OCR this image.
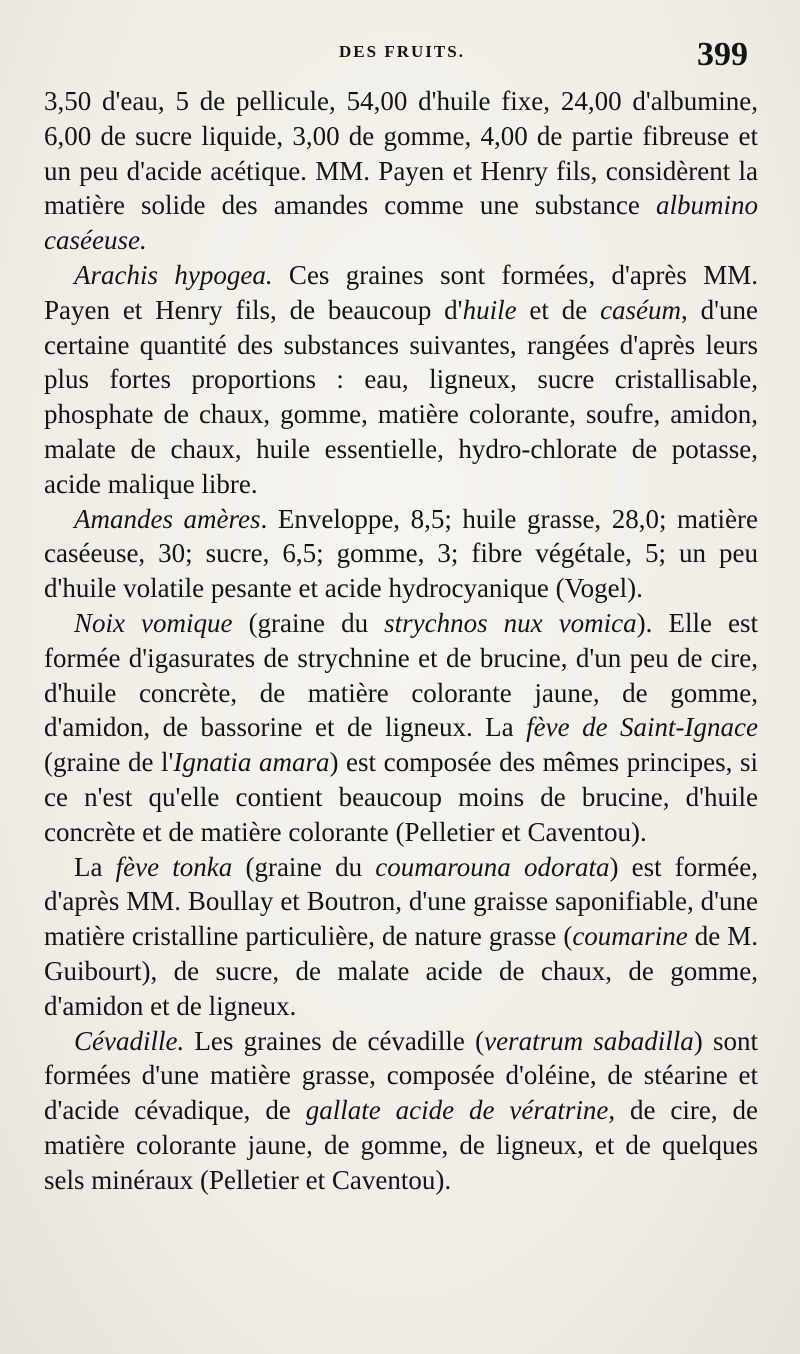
DES FRUITS.	399

3,50 d'eau, 5 de pellicule, 54,00 d'huile fixe, 24,00 d'albumine, 6,00 de sucre liquide, 3,00 de gomme, 4,00 de partie fibreuse et un peu d'acide acétique. MM. Payen et Henry fils, considèrent la matière solide des amandes comme une substance albumino caséeuse.

Arachis hypogea. Ces graines sont formées, d'après MM. Payen et Henry fils, de beaucoup d'huile et de caséum, d'une certaine quantité des substances suivantes, rangées d'après leurs plus fortes proportions : eau, ligneux, sucre cristallisable, phosphate de chaux, gomme, matière colorante, soufre, amidon, malate de chaux, huile essentielle, hydro-chlorate de potasse, acide malique libre.

Amandes amères. Enveloppe, 8,5; huile grasse, 28,0; matière caséeuse, 30; sucre, 6,5; gomme, 3; fibre végétale, 5; un peu d'huile volatile pesante et acide hydrocyanique (Vogel).

Noix vomique (graine du strychnos nux vomica). Elle est formée d'igasurates de strychnine et de brucine, d'un peu de cire, d'huile concrète, de matière colorante jaune, de gomme, d'amidon, de bassorine et de ligneux. La fève de Saint-Ignace (graine de l'Ignatia amara) est composée des mêmes principes, si ce n'est qu'elle contient beaucoup moins de brucine, d'huile concrète et de matière colorante (Pelletier et Caventou).

La fève tonka (graine du coumarouna odorata) est formée, d'après MM. Boullay et Boutron, d'une graisse saponifiable, d'une matière cristalline particulière, de nature grasse (coumarine de M. Guibourt), de sucre, de malate acide de chaux, de gomme, d'amidon et de ligneux.

Cévadille. Les graines de cévadille (veratrum sabadilla) sont formées d'une matière grasse, composée d'oléine, de stéarine et d'acide cévadique, de gallate acide de vératrine, de cire, de matière colorante jaune, de gomme, de ligneux, et de quelques sels minéraux (Pelletier et Caventou).
